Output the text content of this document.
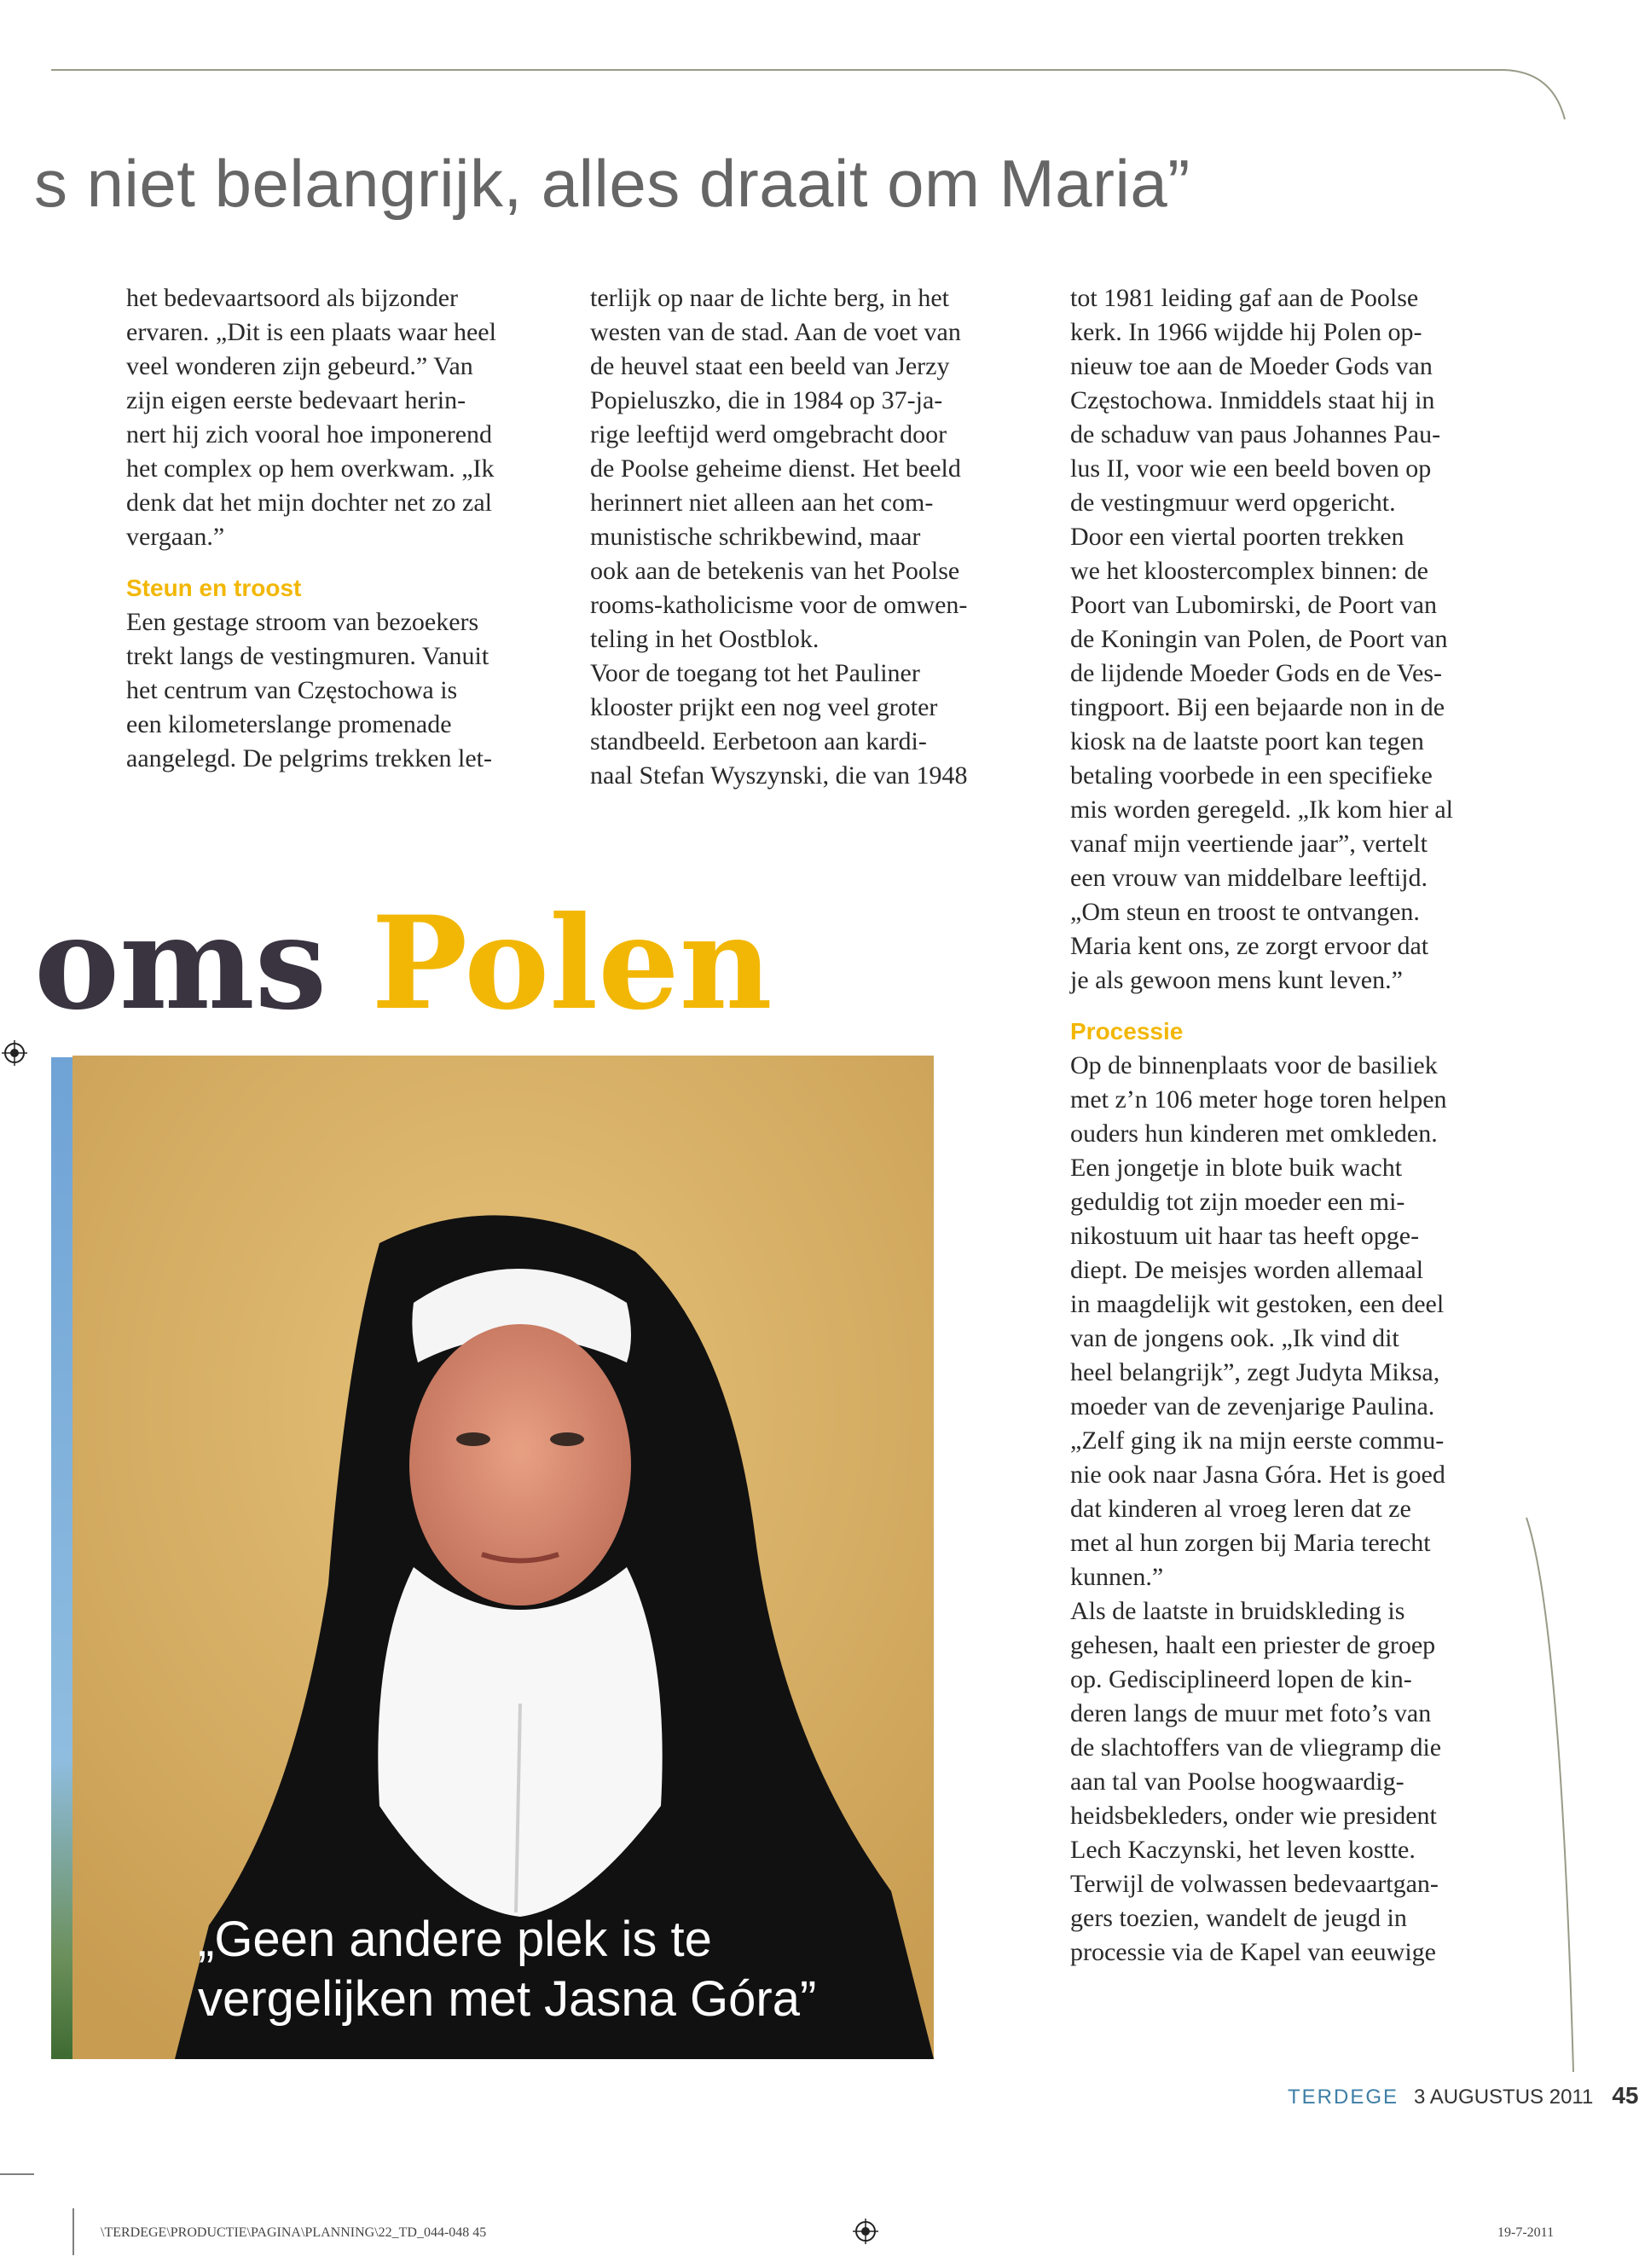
s niet belangrijk, alles draait om Maria”

het bedevaartsoord als bijzonder
ervaren. „Dit is een plaats waar heel
veel wonderen zijn gebeurd.” Van
zijn eigen eerste bedevaart herin-
nert hij zich vooral hoe imponerend
het complex op hem overkwam. „Ik
denk dat het mijn dochter net zo zal
vergaan.”

Steun en troost

Een gestage stroom van bezoekers
trekt langs de vestingmuren. Vanuit
het centrum van Częstochowa is
een kilometerslange promenade
aangelegd. De pelgrims trekken let-

terlijk op naar de lichte berg, in het
westen van de stad. Aan de voet van
de heuvel staat een beeld van Jerzy
Popieluszko, die in 1984 op 37-ja-
rige leeftijd werd omgebracht door
de Poolse geheime dienst. Het beeld
herinnert niet alleen aan het com-
munistische schrikbewind, maar
ook aan de betekenis van het Poolse
rooms-katholicisme voor de omwen-
teling in het Oostblok.
Voor de toegang tot het Pauliner
klooster prijkt een nog veel groter
standbeeld. Eerbetoon aan kardi-
naal Stefan Wyszynski, die van 1948

tot 1981 leiding gaf aan de Poolse
kerk. In 1966 wijdde hij Polen op-
nieuw toe aan de Moeder Gods van
Częstochowa. Inmiddels staat hij in
de schaduw van paus Johannes Pau-
lus II, voor wie een beeld boven op
de vestingmuur werd opgericht.
Door een viertal poorten trekken
we het kloostercomplex binnen: de
Poort van Lubomirski, de Poort van
de Koningin van Polen, de Poort van
de lijdende Moeder Gods en de Ves-
tingpoort. Bij een bejaarde non in de
kiosk na de laatste poort kan tegen
betaling voorbede in een specifieke
mis worden geregeld. „Ik kom hier al
vanaf mijn veertiende jaar”, vertelt
een vrouw van middelbare leeftijd.
„Om steun en troost te ontvangen.
Maria kent ons, ze zorgt ervoor dat
je als gewoon mens kunt leven.”

Processie

Op de binnenplaats voor de basiliek
met z’n 106 meter hoge toren helpen
ouders hun kinderen met omkleden.
Een jongetje in blote buik wacht
geduldig tot zijn moeder een mi-
nikostuum uit haar tas heeft opge-
diept. De meisjes worden allemaal
in maagdelijk wit gestoken, een deel
van de jongens ook. „Ik vind dit
heel belangrijk”, zegt Judyta Miksa,
moeder van de zevenjarige Paulina.
„Zelf ging ik na mijn eerste commu-
nie ook naar Jasna Góra. Het is goed
dat kinderen al vroeg leren dat ze
met al hun zorgen bij Maria terecht
kunnen.”
Als de laatste in bruidskleding is
gehesen, haalt een priester de groep
op. Gedisciplineerd lopen de kin-
deren langs de muur met foto’s van
de slachtoffers van de vliegramp die
aan tal van Poolse hoogwaardig-
heidsbekleders, onder wie president
Lech Kaczynski, het leven kostte.
Terwijl de volwassen bedevaartgan-
gers toezien, wandelt de jeugd in
processie via de Kapel van eeuwige

oms Polen
„Geen andere plek is te
vergelijken met Jasna Góra”
TERDEGE 3 AUGUSTUS 2011 45
\TERDEGE\PRODUCTIE\PAGINA\PLANNING\22_TD_044-048 45	19-7-2011
